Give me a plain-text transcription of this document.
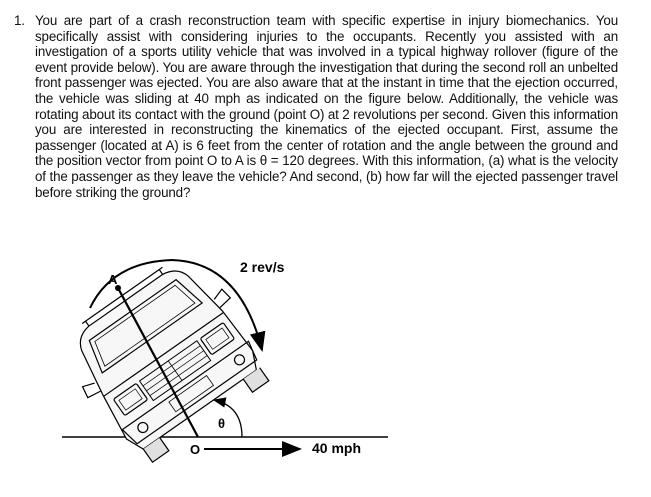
1. You are part of a crash reconstruction team with specific expertise in injury biomechanics. You specifically assist with considering injuries to the occupants. Recently you assisted with an investigation of a sports utility vehicle that was involved in a typical highway rollover (figure of the event provide below). You are aware through the investigation that during the second roll an unbelted front passenger was ejected. You are also aware that at the instant in time that the ejection occurred, the vehicle was sliding at 40 mph as indicated on the figure below. Additionally, the vehicle was rotating about its contact with the ground (point O) at 2 revolutions per second. Given this information you are interested in reconstructing the kinematics of the ejected occupant. First, assume the passenger (located at A) is 6 feet from the center of rotation and the angle between the ground and the position vector from point O to A is θ = 120 degrees. With this information, (a) what is the velocity of the passenger as they leave the vehicle? And second, (b) how far will the ejected passenger travel before striking the ground?
2 rev/s
A
O
θ
40 mph
